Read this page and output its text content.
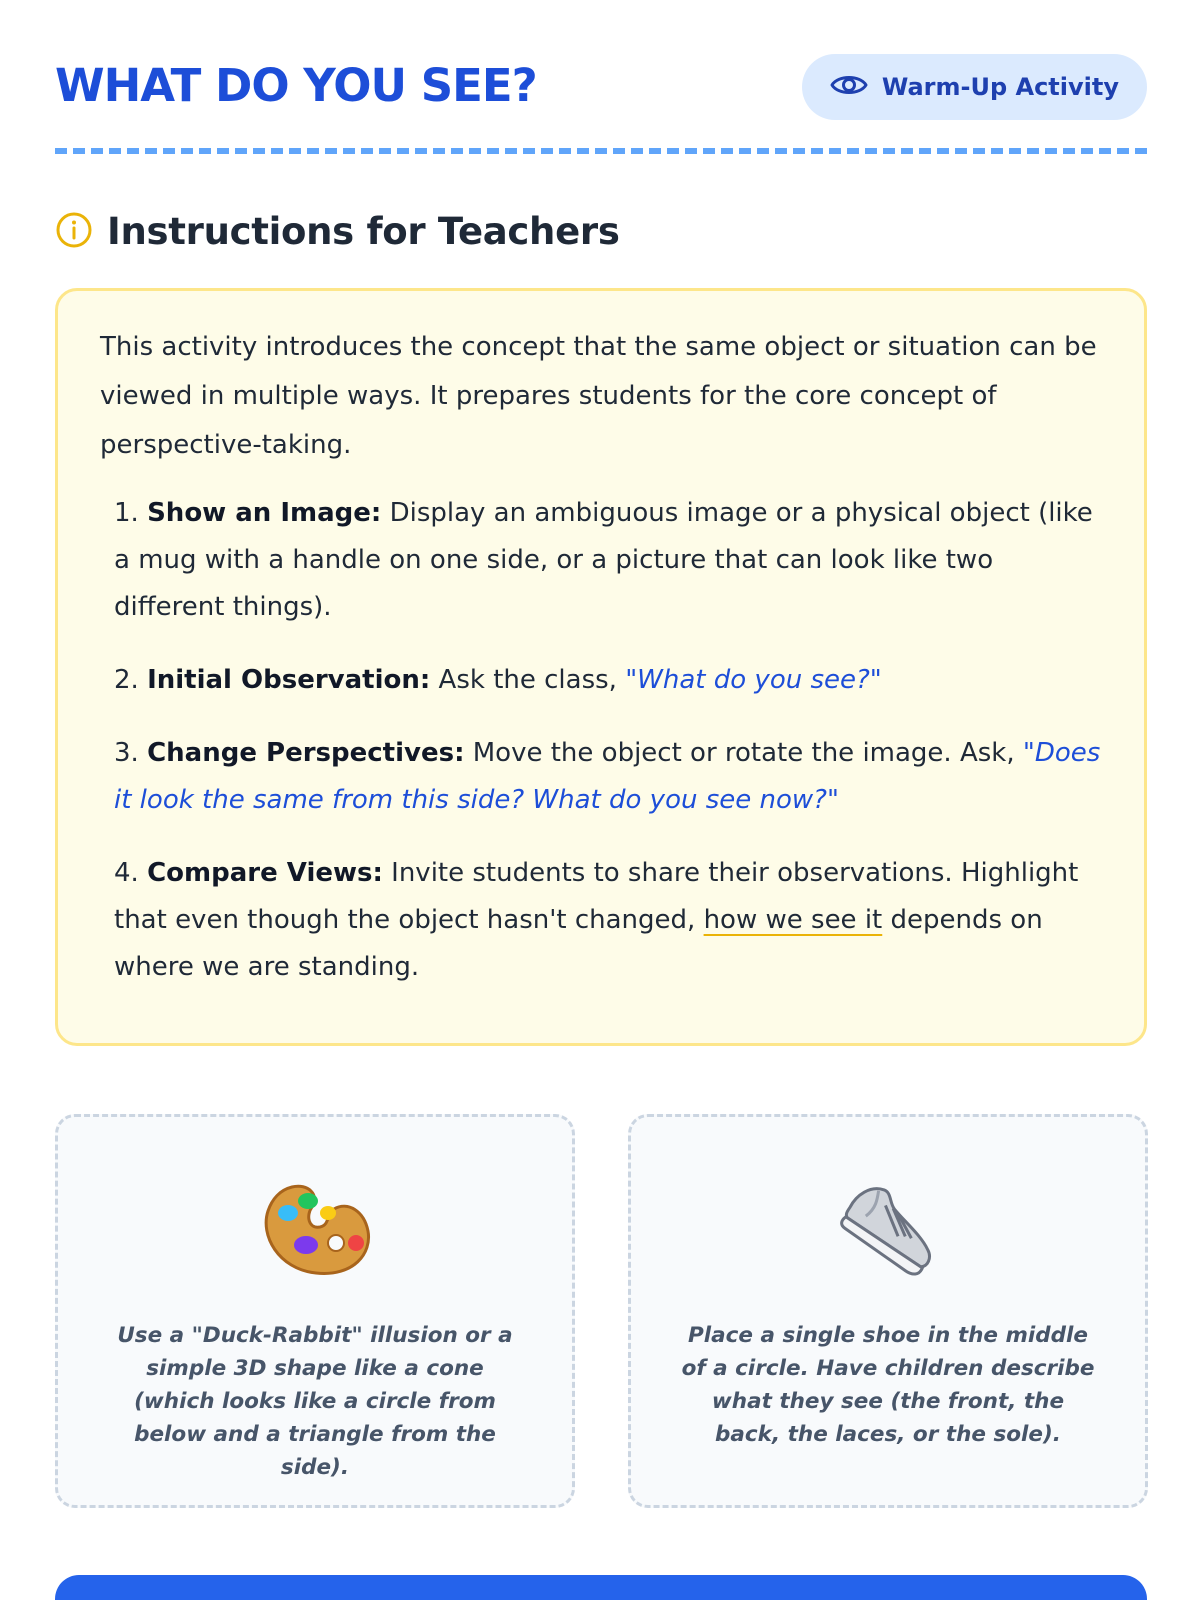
WHAT DO YOU SEE?	Warm-Up Activity
Instructions for Teachers

This activity introduces the concept that the same object or situation can be viewed in multiple ways. It prepares students for the core concept of perspective-taking.

1. Show an Image: Display an ambiguous image or a physical object (like a mug with a handle on one side, or a picture that can look like two different things).
2. Initial Observation: Ask the class, "What do you see?"
3. Change Perspectives: Move the object or rotate the image. Ask, "Does it look the same from this side? What do you see now?"
4. Compare Views: Invite students to share their observations. Highlight that even though the object hasn't changed, how we see it depends on where we are standing.

Use a "Duck-Rabbit" illusion or a simple 3D shape like a cone (which looks like a circle from below and a triangle from the side).

Place a single shoe in the middle of a circle. Have children describe what they see (the front, the back, the laces, or the sole).
